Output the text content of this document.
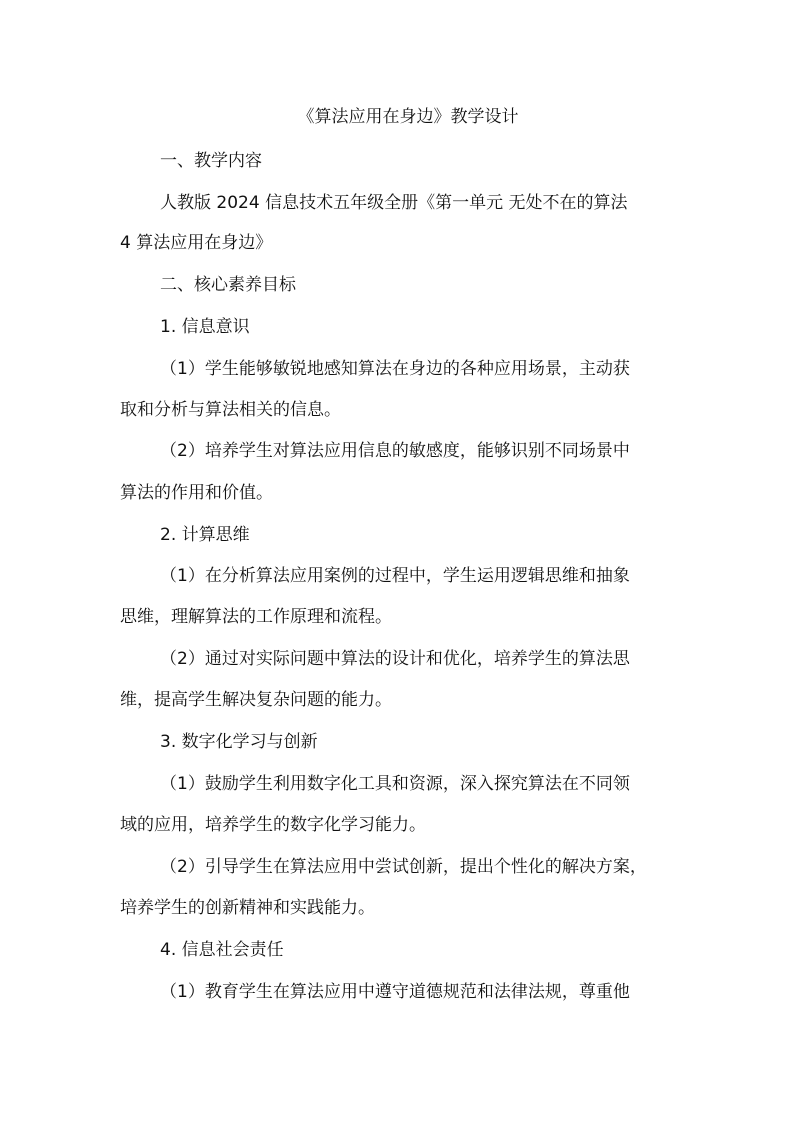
《算法应用在身边》教学设计
一、教学内容
人教版 2024 信息技术五年级全册《第一单元 无处不在的算法
4 算法应用在身边》
二、核心素养目标
1. 信息意识
（1）学生能够敏锐地感知算法在身边的各种应用场景，主动获
取和分析与算法相关的信息。
（2）培养学生对算法应用信息的敏感度，能够识别不同场景中
算法的作用和价值。
2. 计算思维
（1）在分析算法应用案例的过程中，学生运用逻辑思维和抽象
思维，理解算法的工作原理和流程。
（2）通过对实际问题中算法的设计和优化，培养学生的算法思
维，提高学生解决复杂问题的能力。
3. 数字化学习与创新
（1）鼓励学生利用数字化工具和资源，深入探究算法在不同领
域的应用，培养学生的数字化学习能力。
（2）引导学生在算法应用中尝试创新，提出个性化的解决方案，
培养学生的创新精神和实践能力。
4. 信息社会责任
（1）教育学生在算法应用中遵守道德规范和法律法规，尊重他
